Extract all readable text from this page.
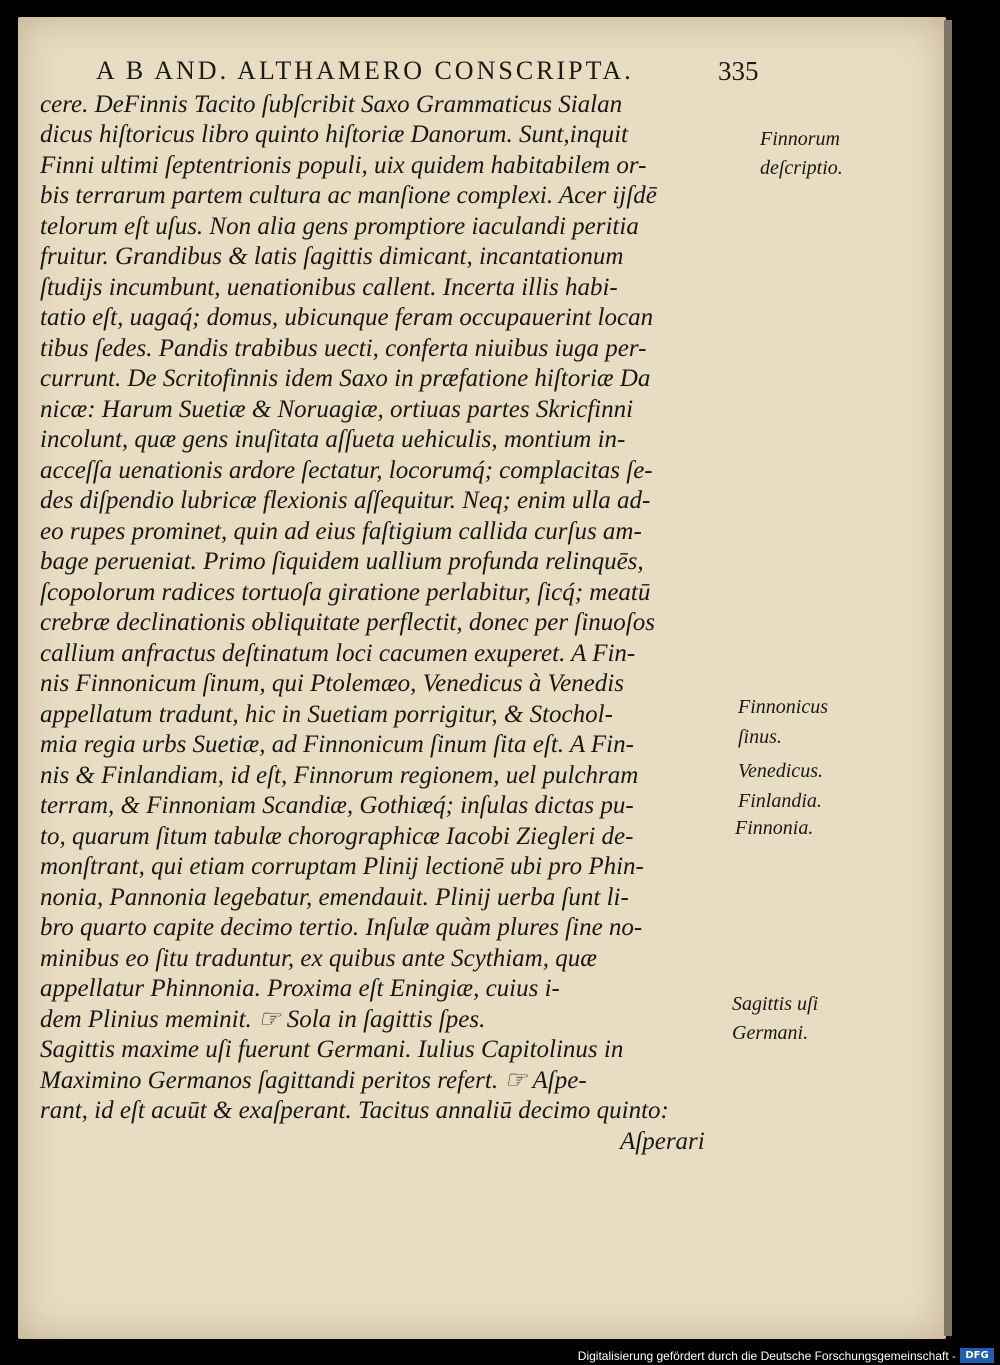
A B AND. ALTHAMERO CONSCRIPTA.	335
cere. DeFinnis Tacito ſubſcribit Saxo Grammaticus Sialan
dicus hiſtoricus libro quinto hiſtoriæ Danorum. Sunt,inquit
Finni ultimi ſeptentrionis populi, uix quidem habitabilem or-
bis terrarum partem cultura ac manſione complexi. Acer ijſdē
telorum eſt uſus. Non alia gens promptiore iaculandi peritia
fruitur. Grandibus & latis ſagittis dimicant, incantationum
ſtudijs incumbunt, uenationibus callent. Incerta illis habi-
tatio eſt, uagaq́; domus, ubicunque feram occupauerint locan
tibus ſedes. Pandis trabibus uecti, conferta niuibus iuga per-
currunt. De Scritofinnis idem Saxo in præfatione hiſtoriæ Da
nicæ: Harum Suetiæ & Noruagiæ, ortiuas partes Skricfinni
incolunt, quæ gens inuſitata aſſueta uehiculis, montium in-
acceſſa uenationis ardore ſectatur, locorumq́; complacitas ſe-
des diſpendio lubricæ flexionis aſſequitur. Neq; enim ulla ad-
eo rupes prominet, quin ad eius faſtigium callida curſus am-
bage perueniat. Primo ſiquidem uallium profunda relinquēs,
ſcopolorum radices tortuoſa giratione perlabitur, ſicq́; meatū
crebræ declinationis obliquitate perflectit, donec per ſinuoſos
callium anfractus deſtinatum loci cacumen exuperet. A Fin-
nis Finnonicum ſinum, qui Ptolemæo, Venedicus à Venedis
appellatum tradunt, hic in Suetiam porrigitur, & Stochol-
mia regia urbs Suetiæ, ad Finnonicum ſinum ſita eſt. A Fin-
nis & Finlandiam, id eſt, Finnorum regionem, uel pulchram
terram, & Finnoniam Scandiæ, Gothiæq́; inſulas dictas pu-
to, quarum ſitum tabulæ chorographicæ Iacobi Ziegleri de-
monſtrant, qui etiam corruptam Plinij lectionē ubi pro Phin-
nonia, Pannonia legebatur, emendauit. Plinij uerba ſunt li-
bro quarto capite decimo tertio. Inſulæ quàm plures ſine no-
minibus eo ſitu traduntur, ex quibus ante Scythiam, quæ
appellatur Phinnonia. Proxima eſt Eningiæ, cuius i-
dem Plinius meminit. ☞ Sola in ſagittis ſpes.
Sagittis maxime uſi fuerunt Germani. Iulius Capitolinus in
Maximino Germanos ſagittandi peritos refert. ☞ Aſpe-
rant, id eſt acuūt & exaſperant. Tacitus annaliū decimo quinto:
Aſperari
Finnorum
deſcriptio.
Finnonicus
ſinus.
Venedicus.
Finlandia.
Finnonia.
Sagittis uſi
Germani.
Digitalisierung gefördert durch die Deutsche Forschungsgemeinschaft - DFG
